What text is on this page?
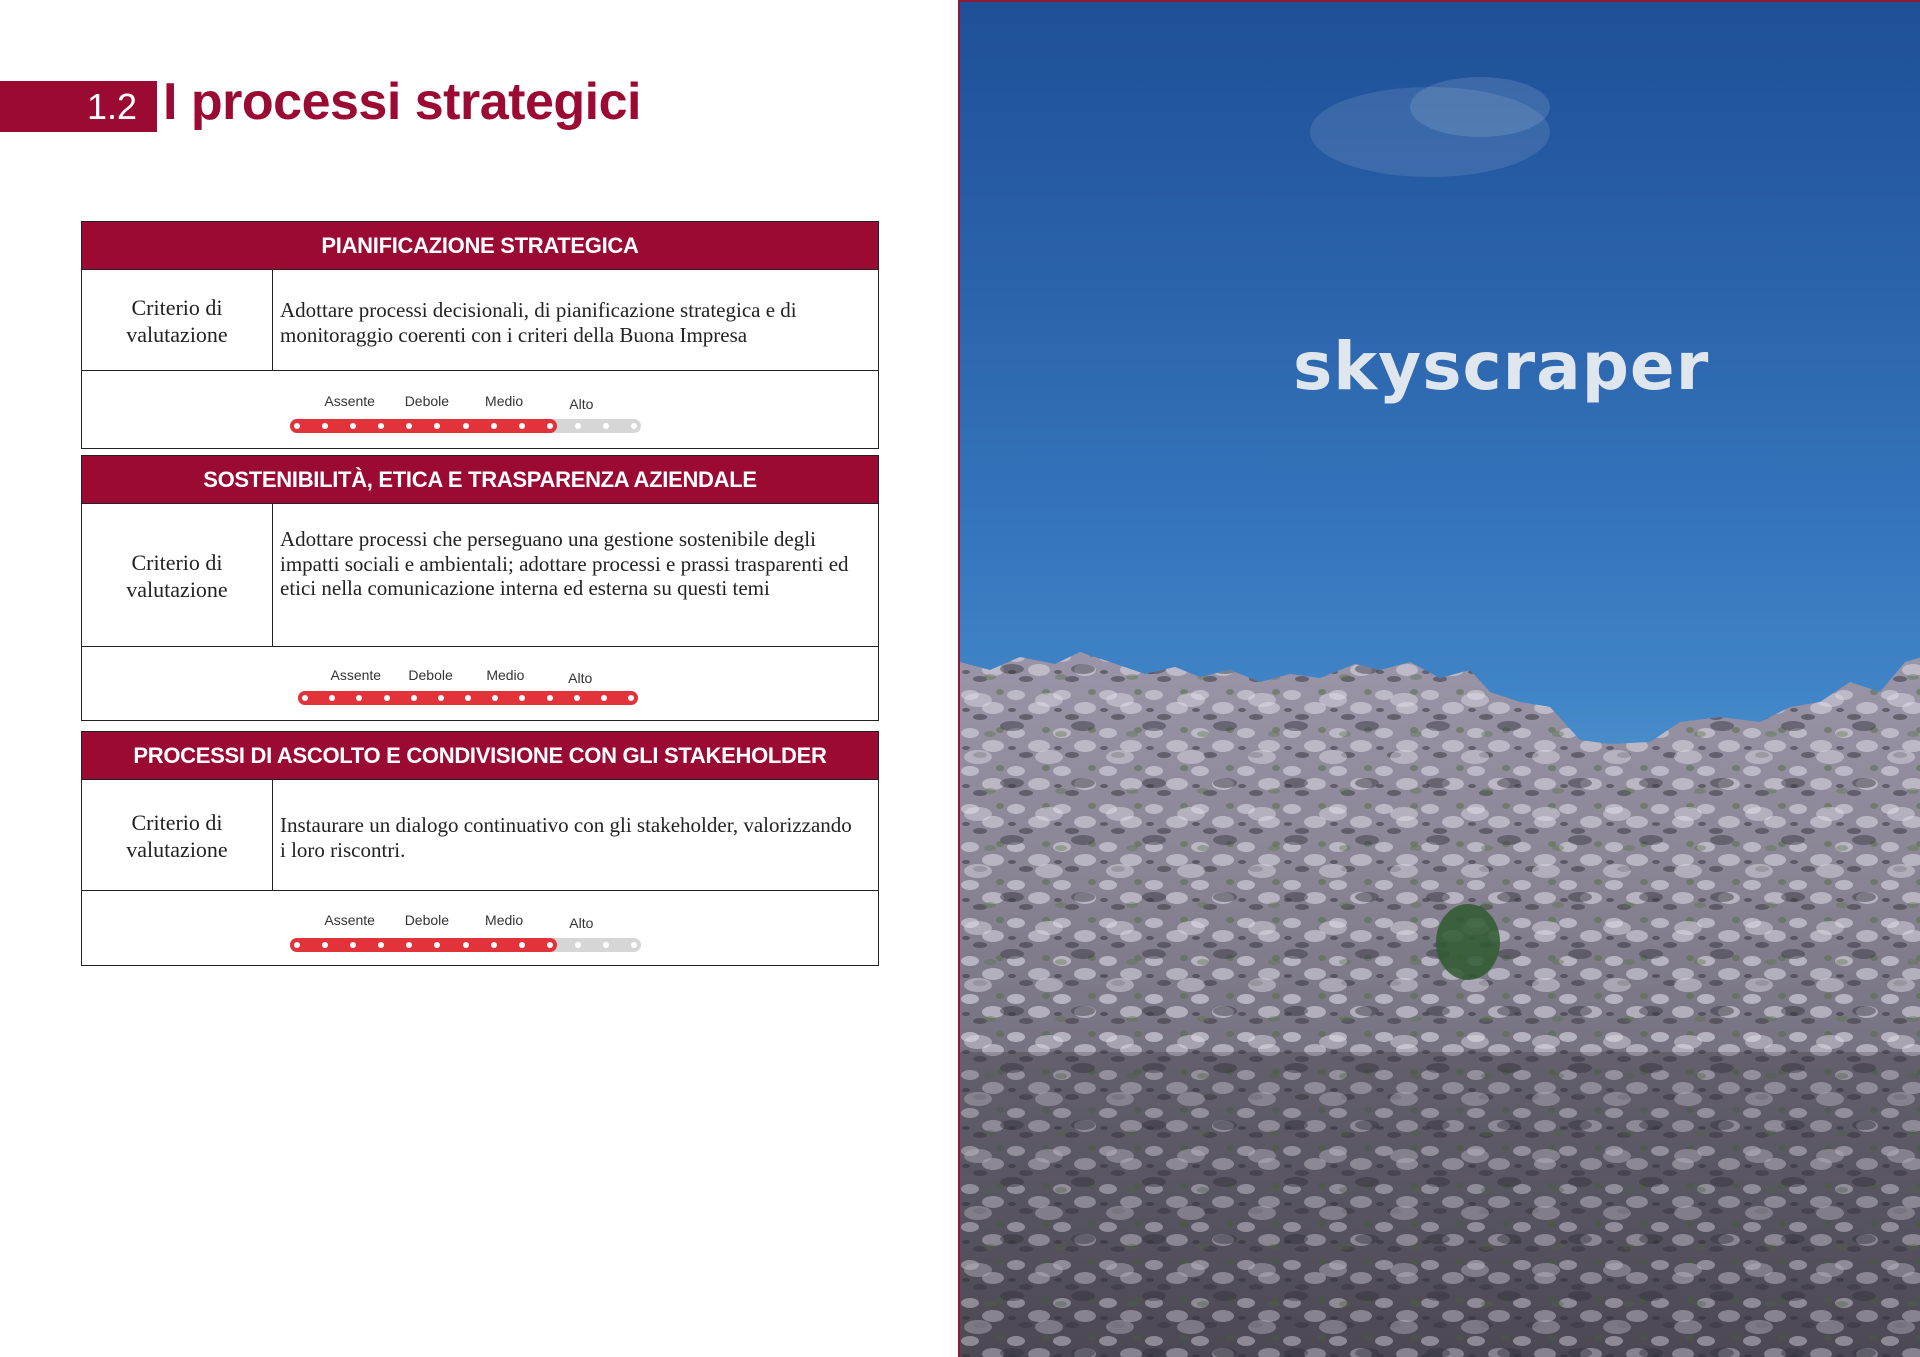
1.2 I processi strategici
PIANIFICAZIONE STRATEGICA
Criterio di
valutazione
Adottare processi decisionali, di pianificazione strategica e di monitoraggio coerenti con i criteri della Buona Impresa
Assente Debole	Medio	Alto
SOSTENIBILITÀ, ETICA E TRASPARENZA AZIENDALE
Criterio di
valutazione
Adottare processi che perseguano una gestione sostenibile degli impatti sociali e ambientali; adottare processi e prassi trasparenti ed etici nella comunicazione interna ed esterna su questi temi
Assente Debole Medio	Alto
PROCESSI DI ASCOLTO E CONDIVISIONE CON GLI STAKEHOLDER
Criterio di
valutazione
Instaurare un dialogo continuativo con gli stakeholder, valorizzando i loro riscontri.
Assente Debole	Medio	Alto
skyscraper
